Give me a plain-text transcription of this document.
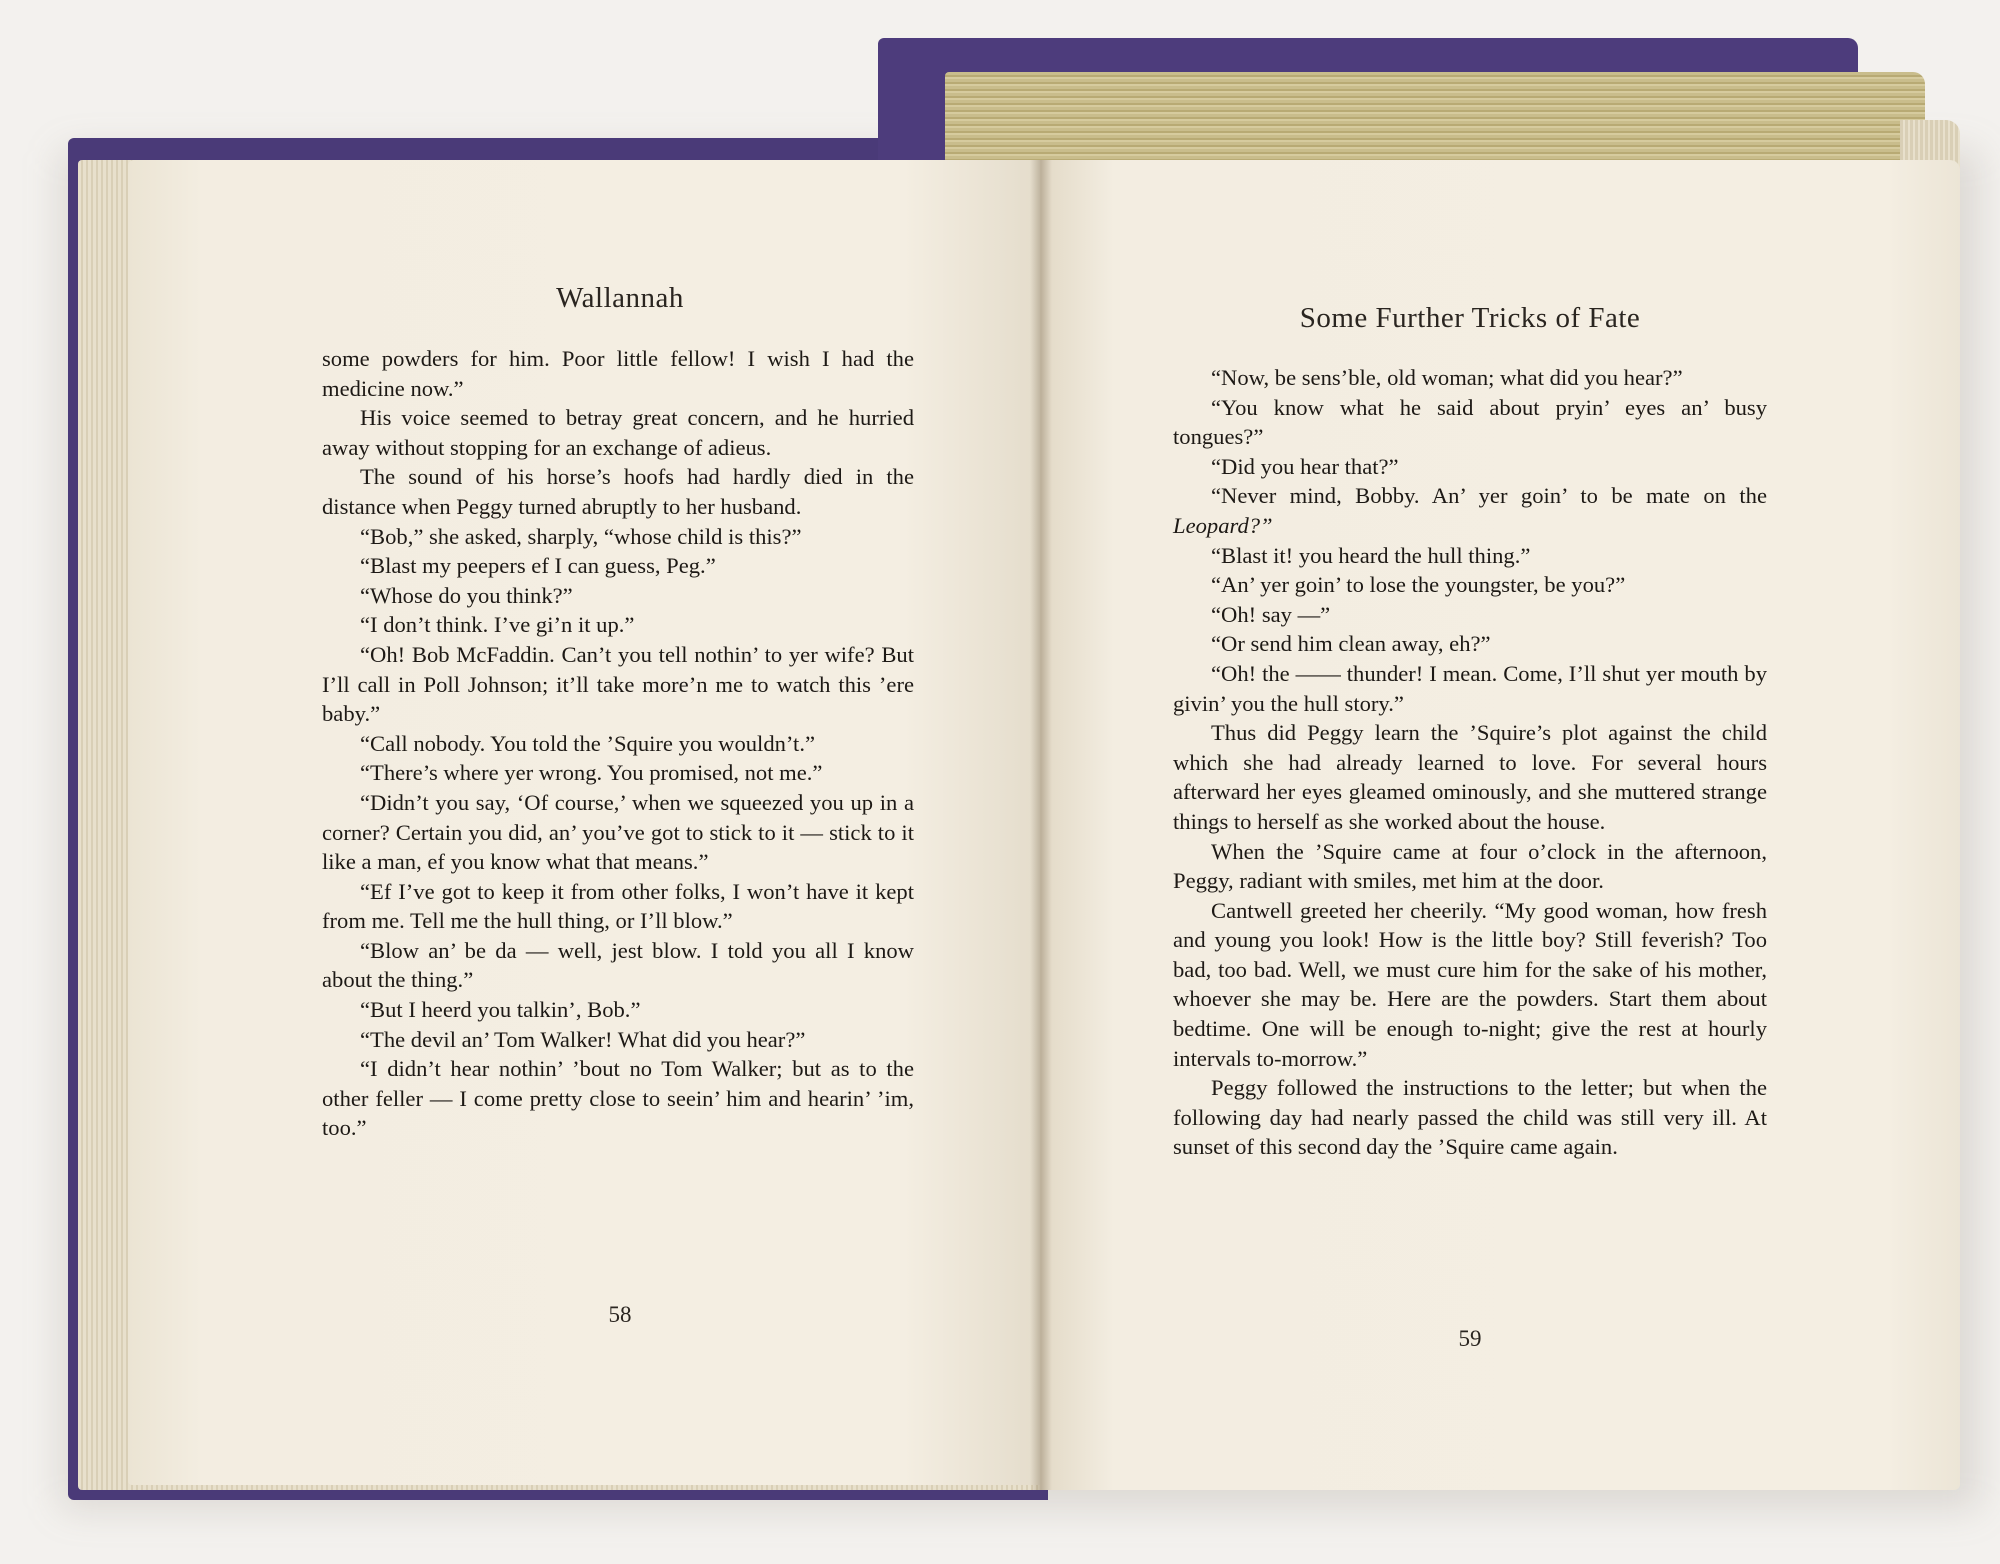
Wallannah

some powders for him. Poor little fellow! I wish I had the medicine now.”

His voice seemed to betray great concern, and he hurried away without stopping for an exchange of adieus.

The sound of his horse’s hoofs had hardly died in the distance when Peggy turned abruptly to her husband.

“Bob,” she asked, sharply, “whose child is this?”

“Blast my peepers ef I can guess, Peg.”

“Whose do you think?”

“I don’t think. I’ve gi’n it up.”

“Oh! Bob McFaddin. Can’t you tell nothin’ to yer wife? But I’ll call in Poll Johnson; it’ll take more’n me to watch this ’ere baby.”

“Call nobody. You told the ’Squire you wouldn’t.”

“There’s where yer wrong. You promised, not me.”

“Didn’t you say, ‘Of course,’ when we squeezed you up in a corner? Certain you did, an’ you’ve got to stick to it — stick to it like a man, ef you know what that means.”

“Ef I’ve got to keep it from other folks, I won’t have it kept from me. Tell me the hull thing, or I’ll blow.”

“Blow an’ be da — well, jest blow. I told you all I know about the thing.”

“But I heerd you talkin’, Bob.”

“The devil an’ Tom Walker! What did you hear?”

“I didn’t hear nothin’ ’bout no Tom Walker; but as to the other feller — I come pretty close to seein’ him and hearin’ ’im, too.”

58
Some Further Tricks of Fate

“Now, be sens’ble, old woman; what did you hear?”

“You know what he said about pryin’ eyes an’ busy tongues?”

“Did you hear that?”

“Never mind, Bobby. An’ yer goin’ to be mate on the Leopard?”

“Blast it! you heard the hull thing.”

“An’ yer goin’ to lose the youngster, be you?”

“Oh! say —”

“Or send him clean away, eh?”

“Oh! the —— thunder! I mean. Come, I’ll shut yer mouth by givin’ you the hull story.”

Thus did Peggy learn the ’Squire’s plot against the child which she had already learned to love. For several hours afterward her eyes gleamed ominously, and she muttered strange things to herself as she worked about the house.

When the ’Squire came at four o’clock in the afternoon, Peggy, radiant with smiles, met him at the door.

Cantwell greeted her cheerily. “My good woman, how fresh and young you look! How is the little boy? Still feverish? Too bad, too bad. Well, we must cure him for the sake of his mother, whoever she may be. Here are the powders. Start them about bedtime. One will be enough to-night; give the rest at hourly intervals to-morrow.”

Peggy followed the instructions to the letter; but when the following day had nearly passed the child was still very ill. At sunset of this second day the ’Squire came again.

59
